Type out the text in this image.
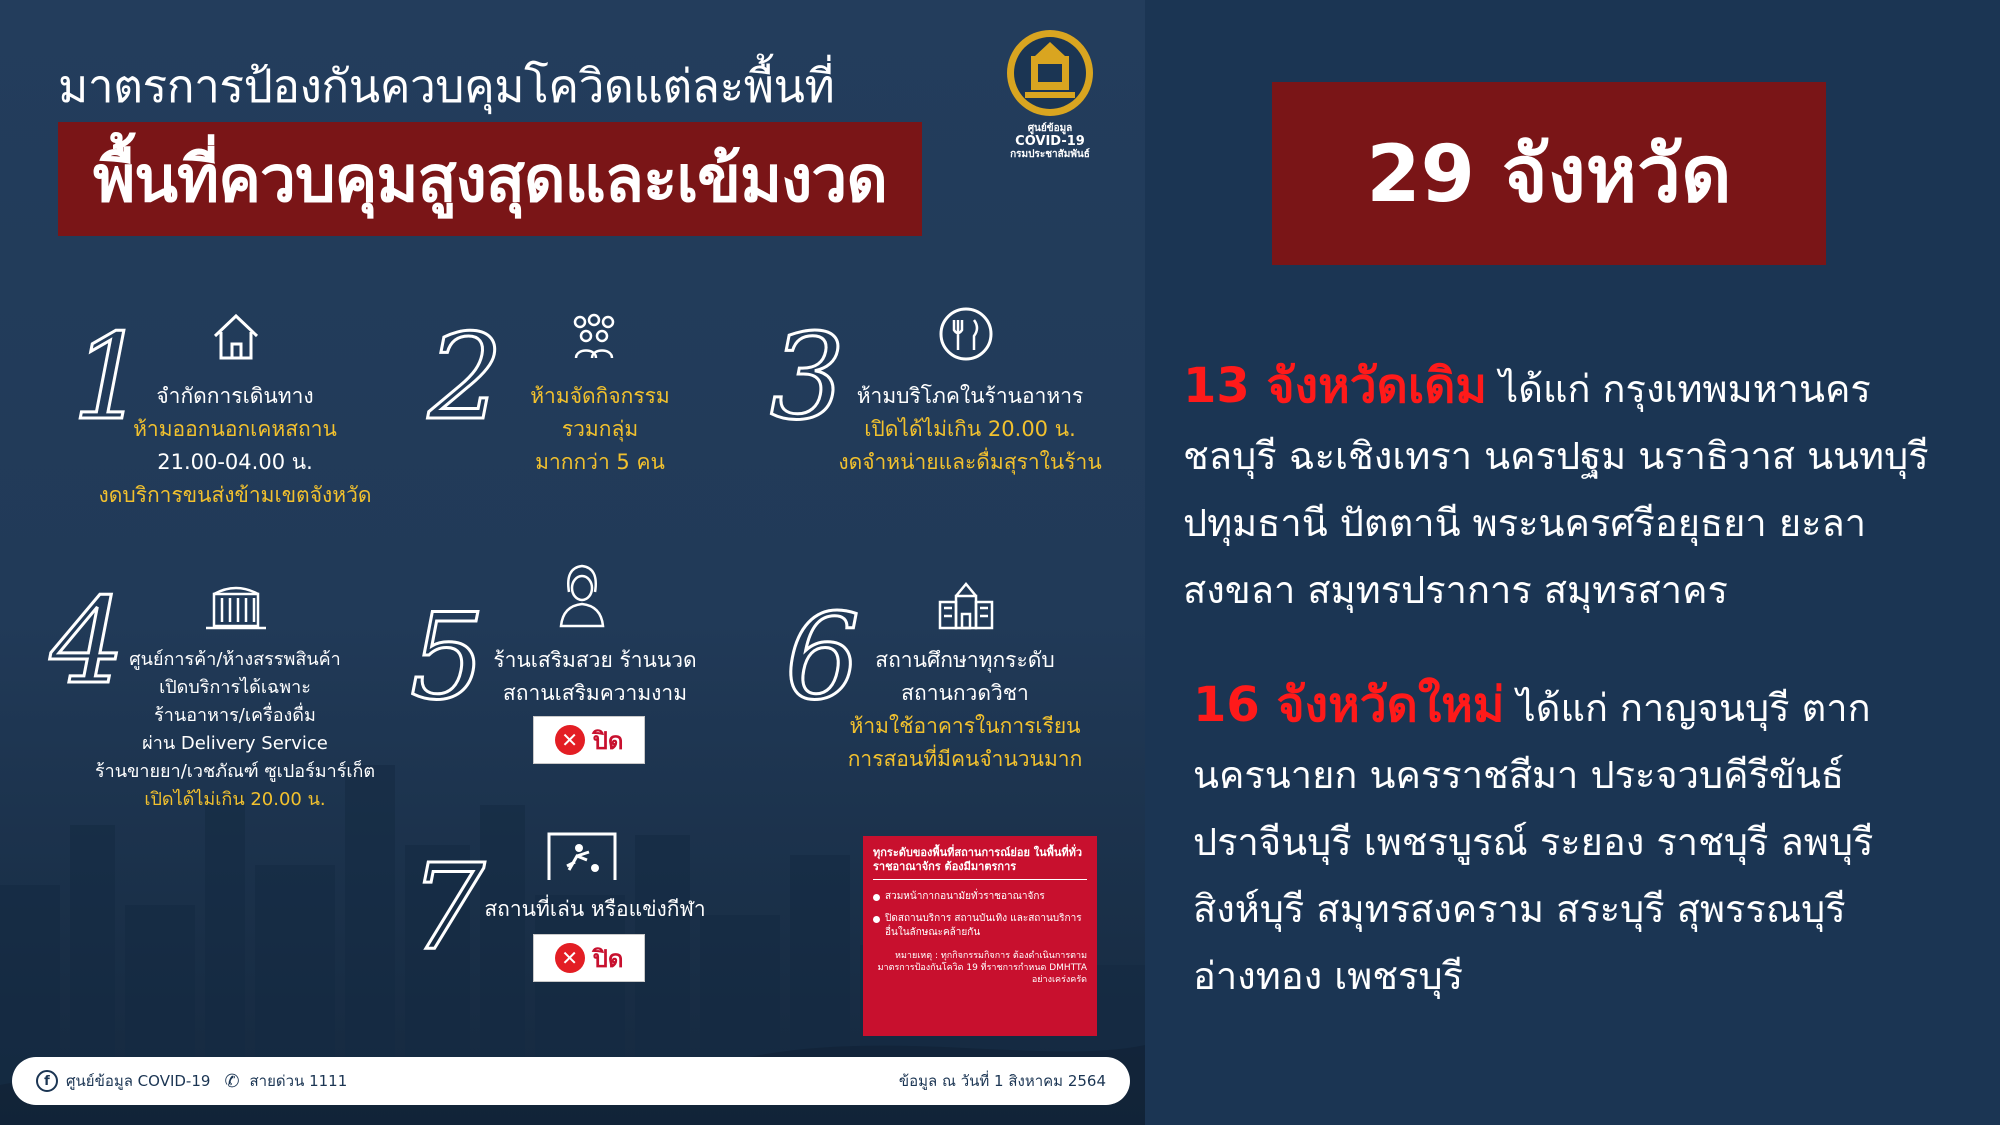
มาตรการป้องกันควบคุมโควิดแต่ละพื้นที่
พื้นที่ควบคุมสูงสุดและเข้มงวด
ศูนย์ข้อมูล
COVID-19
กรมประชาสัมพันธ์
1 จำกัดการเดินทาง
ห้ามออกนอกเคหสถาน
21.00-04.00 น.
งดบริการขนส่งข้ามเขตจังหวัด
2	ห้ามจัดกิจกรรม
รวมกลุ่ม
มากกว่า 5 คน
3 ห้ามบริโภคในร้านอาหาร
เปิดได้ไม่เกิน 20.00 น.
งดจำหน่ายและดื่มสุราในร้าน
4 ศูนย์การค้า/ห้างสรรพสินค้า
เปิดบริการได้เฉพาะ
ร้านอาหาร/เครื่องดื่ม
ผ่าน Delivery Service
ร้านขายยา/เวชภัณฑ์ ซูเปอร์มาร์เก็ต
เปิดได้ไม่เกิน 20.00 น.
5 ร้านเสริมสวย ร้านนวด
สถานเสริมความงาม
✕ ปิด
6 สถานศึกษาทุกระดับ
สถานกวดวิชา
ห้ามใช้อาคารในการเรียน
การสอนที่มีคนจำนวนมาก
7 สถานที่เล่น หรือแข่งกีฬา
✕ ปิด
ทุกระดับของพื้นที่สถานการณ์ย่อย ในพื้นที่ทั่วราชอาณาจักร ต้องมีมาตรการ
สวมหน้ากากอนามัยทั่วราชอาณาจักร
ปิดสถานบริการ สถานบันเทิง และสถานบริการอื่นในลักษณะคล้ายกัน
หมายเหตุ : ทุกกิจกรรมกิจการ ต้องดำเนินการตามมาตรการป้องกันโควิด 19 ที่ราชการกำหนด DMHTTA อย่างเคร่งครัด
f	ศูนย์ข้อมูล COVID-19 ✆ สายด่วน 1111	ข้อมูล ณ วันที่ 1 สิงหาคม 2564
29 จังหวัด

13 จังหวัดเดิม ได้แก่ กรุงเทพมหานคร

ชลบุรี ฉะเชิงเทรา นครปฐม นราธิวาส นนทบุรี

ปทุมธานี ปัตตานี พระนครศรีอยุธยา ยะลา

สงขลา สมุทรปราการ สมุทรสาคร

16 จังหวัดใหม่ ได้แก่ กาญจนบุรี ตาก

นครนายก นครราชสีมา ประจวบคีรีขันธ์

ปราจีนบุรี เพชรบูรณ์ ระยอง ราชบุรี ลพบุรี

สิงห์บุรี สมุทรสงคราม สระบุรี สุพรรณบุรี

อ่างทอง เพชรบุรี
